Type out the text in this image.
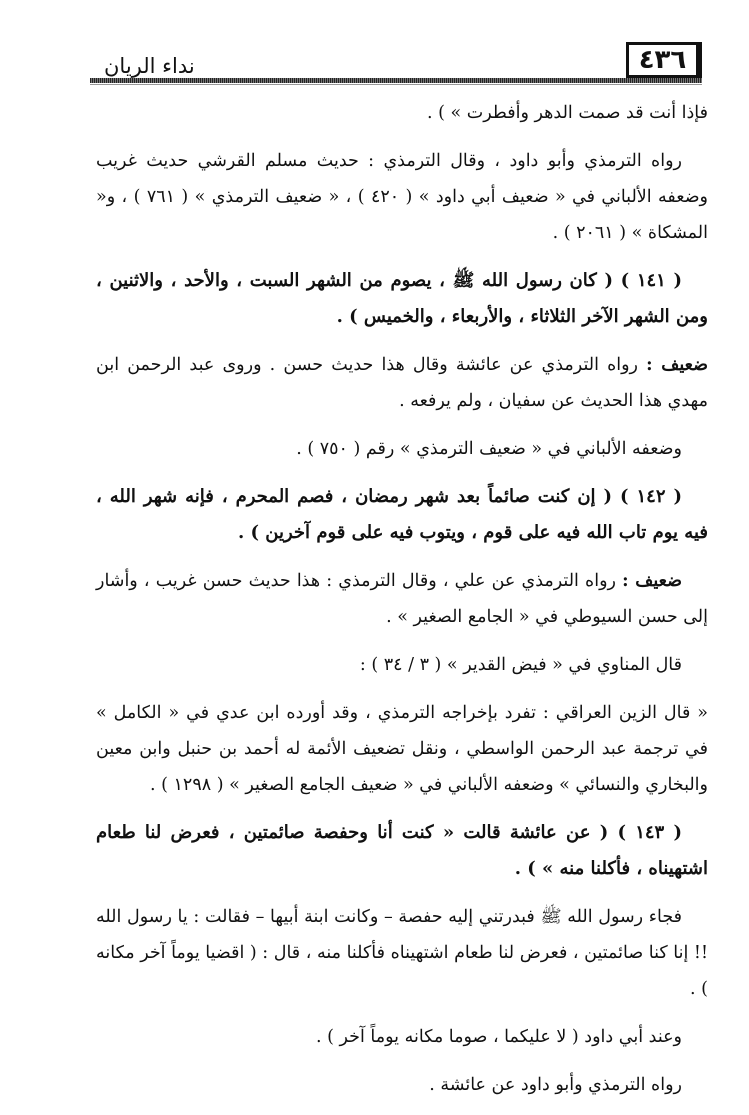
٤٣٦
نداء الريان

فإذا أنت قد صمت الدهر وأفطرت » ) .

رواه الترمذي وأبو داود ، وقال الترمذي : حديث مسلم القرشي حديث غريب وضعفه الألباني في « ضعيف أبي داود » ( ٤٢٠ ) ، « ضعيف الترمذي » ( ٧٦١ ) ، و« المشكاة » ( ٢٠٦١ ) .

( ١٤١ ) ( كان رسول الله ﷺ ، يصوم من الشهر السبت ، والأحد ، والاثنين ، ومن الشهر الآخر الثلاثاء ، والأربعاء ، والخميس ) .

ضعيف : رواه الترمذي عن عائشة وقال هذا حديث حسن . وروى عبد الرحمن ابن مهدي هذا الحديث عن سفيان ، ولم يرفعه .

وضعفه الألباني في « ضعيف الترمذي » رقم ( ٧٥٠ ) .

( ١٤٢ ) ( إن كنت صائماً بعد شهر رمضان ، فصم المحرم ، فإنه شهر الله ، فيه يوم تاب الله فيه على قوم ، ويتوب فيه على قوم آخرين ) .

ضعيف : رواه الترمذي عن علي ، وقال الترمذي : هذا حديث حسن غريب ، وأشار إلى حسن السيوطي في « الجامع الصغير » .

قال المناوي في « فيض القدير » ( ٣ / ٣٤ ) :

« قال الزين العراقي : تفرد بإخراجه الترمذي ، وقد أورده ابن عدي في « الكامل » في ترجمة عبد الرحمن الواسطي ، ونقل تضعيف الأئمة له أحمد بن حنبل وابن معين والبخاري والنسائي » وضعفه الألباني في « ضعيف الجامع الصغير » ( ١٢٩٨ ) .

( ١٤٣ ) ( عن عائشة قالت « كنت أنا وحفصة صائمتين ، فعرض لنا طعام اشتهيناه ، فأكلنا منه » ) .

فجاء رسول الله ﷺ فبدرتني إليه حفصة – وكانت ابنة أبيها – فقالت : يا رسول الله !! إنا كنا صائمتين ، فعرض لنا طعام اشتهيناه فأكلنا منه ، قال : ( اقضيا يوماً آخر مكانه ) .

وعند أبي داود ( لا عليكما ، صوما مكانه يوماً آخر ) .

رواه الترمذي وأبو داود عن عائشة .
